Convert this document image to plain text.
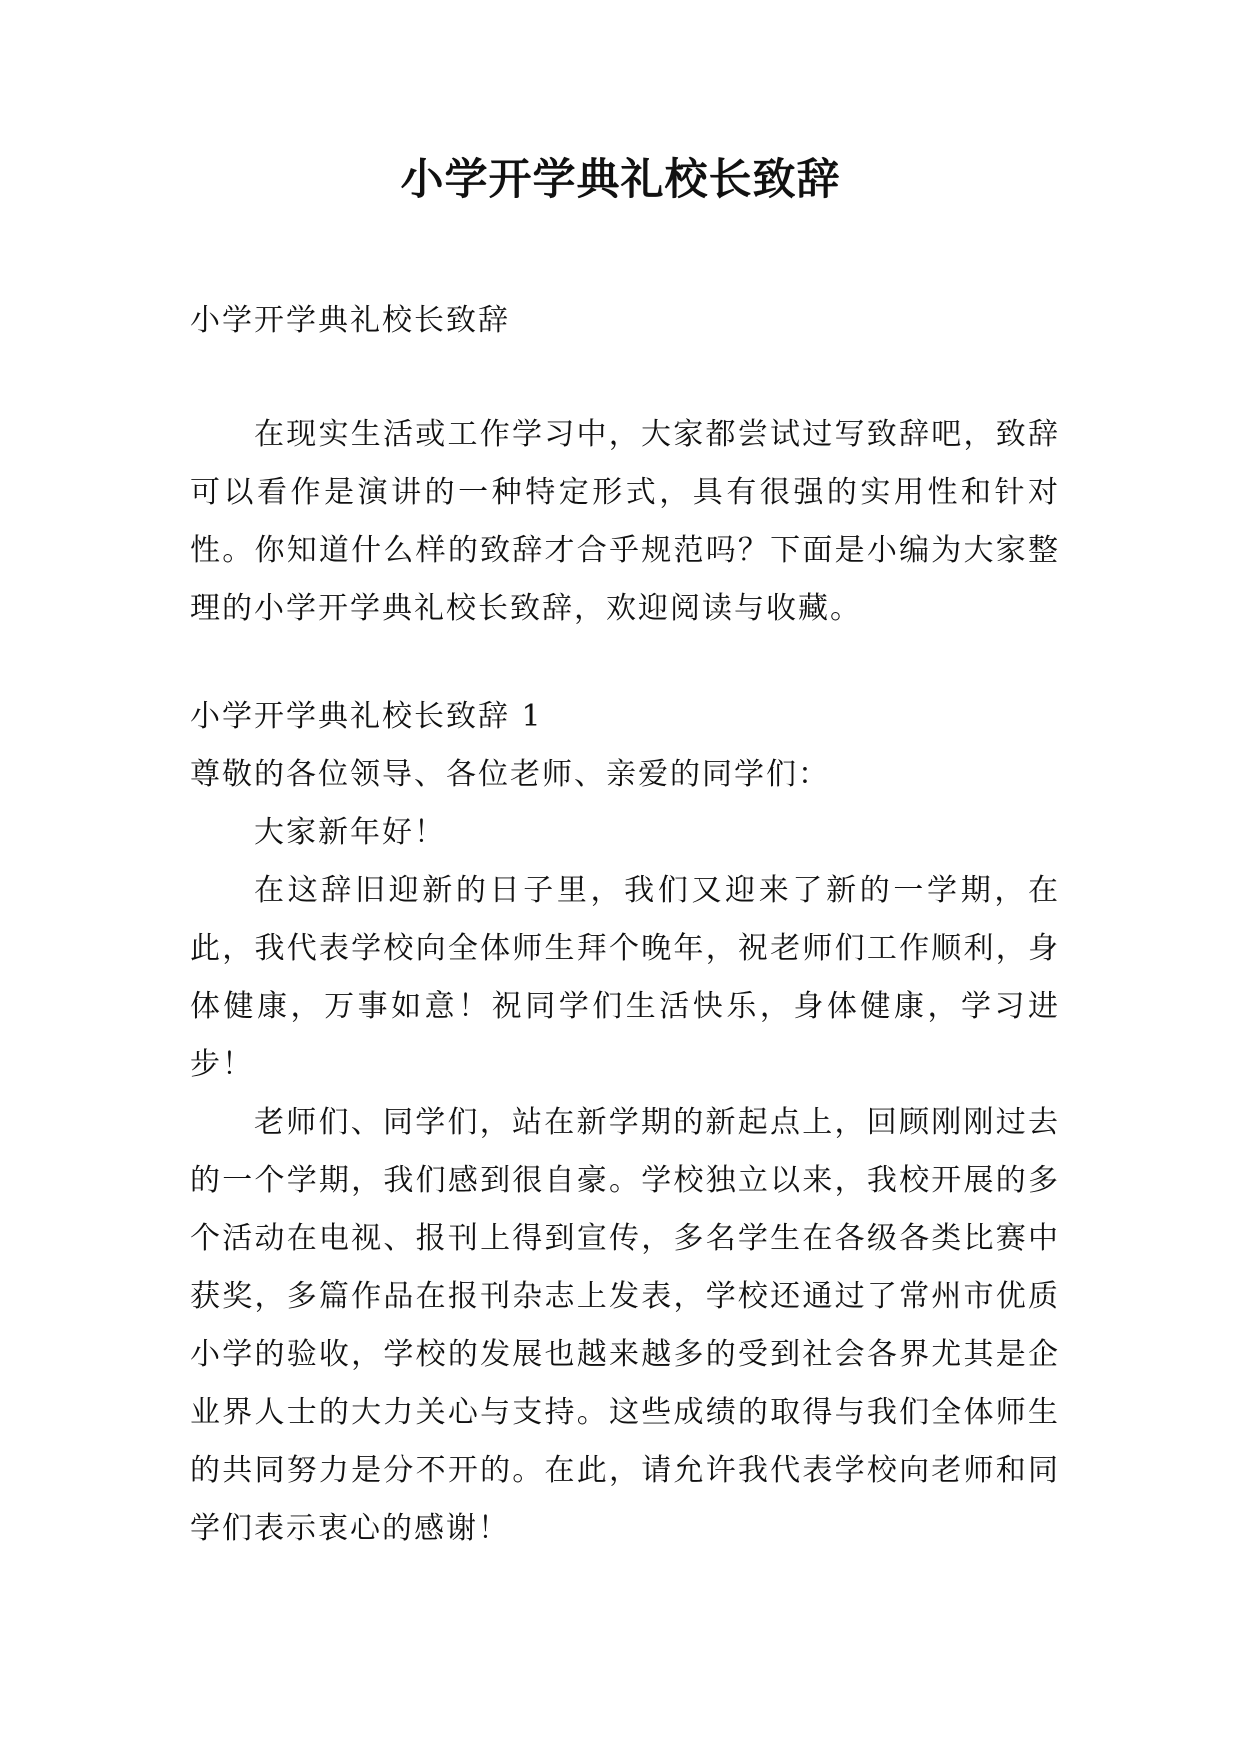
小学开学典礼校长致辞

小学开学典礼校长致辞

在现实生活或工作学习中，大家都尝试过写致辞吧，致辞可以看作是演讲的一种特定形式，具有很强的实用性和针对性。你知道什么样的致辞才合乎规范吗？下面是小编为大家整理的小学开学典礼校长致辞，欢迎阅读与收藏。

小学开学典礼校长致辞 1

尊敬的各位领导、各位老师、亲爱的同学们：

大家新年好！

在这辞旧迎新的日子里，我们又迎来了新的一学期，在此，我代表学校向全体师生拜个晚年，祝老师们工作顺利，身体健康，万事如意！祝同学们生活快乐，身体健康，学习进步！

老师们、同学们，站在新学期的新起点上，回顾刚刚过去的一个学期，我们感到很自豪。学校独立以来，我校开展的多个活动在电视、报刊上得到宣传，多名学生在各级各类比赛中获奖，多篇作品在报刊杂志上发表，学校还通过了常州市优质小学的验收，学校的发展也越来越多的受到社会各界尤其是企业界人士的大力关心与支持。这些成绩的取得与我们全体师生的共同努力是分不开的。在此，请允许我代表学校向老师和同学们表示衷心的感谢！
